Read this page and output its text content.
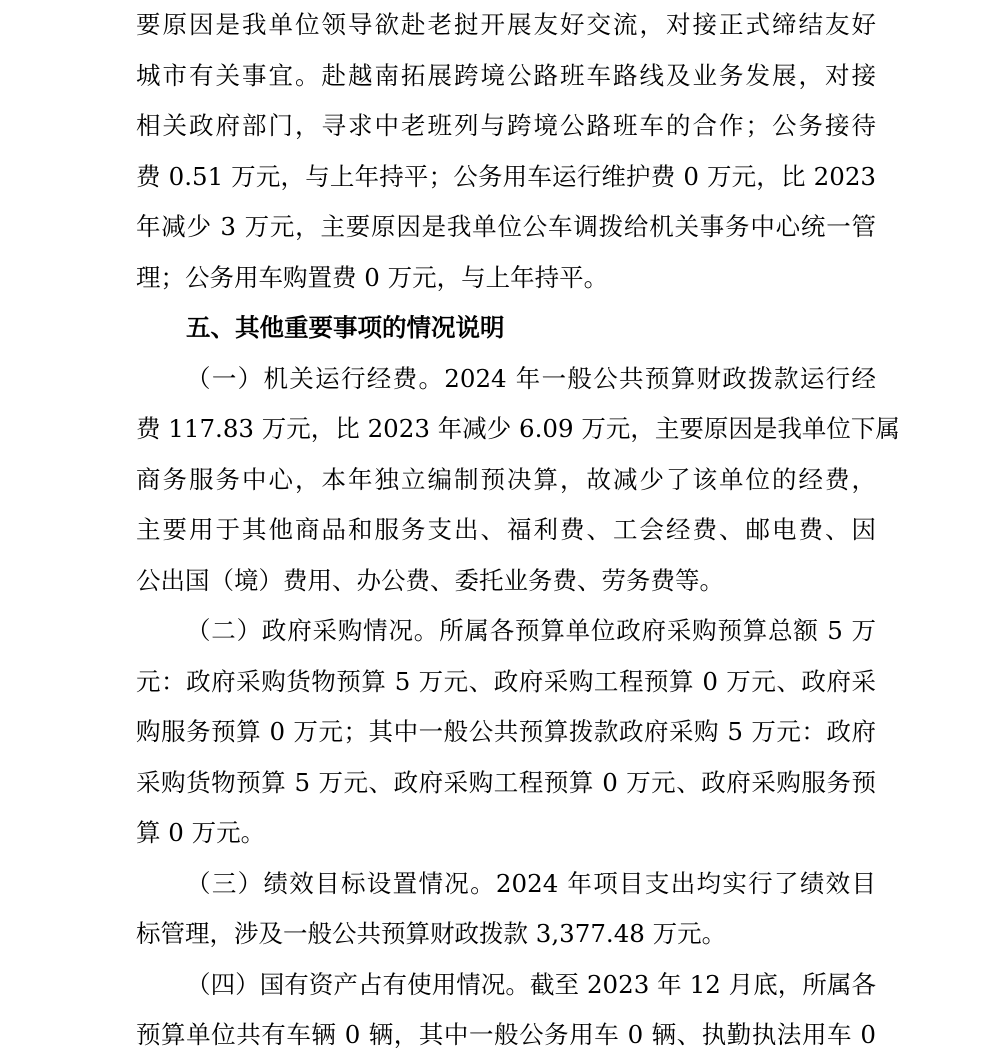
要原因是我单位领导欲赴老挝开展友好交流，对接正式缔结友好
城市有关事宜。赴越南拓展跨境公路班车路线及业务发展，对接
相关政府部门，寻求中老班列与跨境公路班车的合作；公务接待
费 0.51 万元，与上年持平；公务用车运行维护费 0 万元，比 2023
年减少 3 万元，主要原因是我单位公车调拨给机关事务中心统一管
理；公务用车购置费 0 万元，与上年持平。
五、其他重要事项的情况说明
（一）机关运行经费。2024 年一般公共预算财政拨款运行经
费 117.83 万元，比 2023 年减少 6.09 万元，主要原因是我单位下属
商务服务中心，本年独立编制预决算，故减少了该单位的经费，
主要用于其他商品和服务支出、福利费、工会经费、邮电费、因
公出国（境）费用、办公费、委托业务费、劳务费等。
（二）政府采购情况。所属各预算单位政府采购预算总额 5 万
元：政府采购货物预算 5 万元、政府采购工程预算 0 万元、政府采
购服务预算 0 万元；其中一般公共预算拨款政府采购 5 万元：政府
采购货物预算 5 万元、政府采购工程预算 0 万元、政府采购服务预
算 0 万元。
（三）绩效目标设置情况。2024 年项目支出均实行了绩效目
标管理，涉及一般公共预算财政拨款 3,377.48 万元。
（四）国有资产占有使用情况。截至 2023 年 12 月底，所属各
预算单位共有车辆 0 辆，其中一般公务用车 0 辆、执勤执法用车 0
